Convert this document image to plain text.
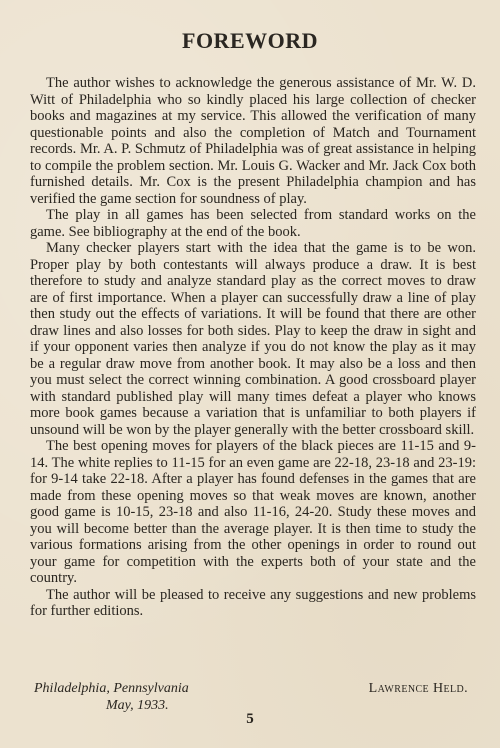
FOREWORD

The author wishes to acknowledge the generous assistance of Mr. W. D. Witt of Philadelphia who so kindly placed his large collection of checker books and magazines at my service. This allowed the verification of many questionable points and also the completion of Match and Tournament records. Mr. A. P. Schmutz of Philadelphia was of great assistance in helping to compile the problem section. Mr. Louis G. Wacker and Mr. Jack Cox both furnished details. Mr. Cox is the present Philadelphia champion and has verified the game section for soundness of play.

The play in all games has been selected from standard works on the game. See bibliography at the end of the book.

Many checker players start with the idea that the game is to be won. Proper play by both contestants will always produce a draw. It is best therefore to study and analyze standard play as the correct moves to draw are of first importance. When a player can successfully draw a line of play then study out the effects of variations. It will be found that there are other draw lines and also losses for both sides. Play to keep the draw in sight and if your opponent varies then analyze if you do not know the play as it may be a regular draw move from another book. It may also be a loss and then you must select the correct winning combination. A good crossboard player with standard published play will many times defeat a player who knows more book games because a variation that is unfamiliar to both players if unsound will be won by the player generally with the better crossboard skill.

The best opening moves for players of the black pieces are 11-15 and 9-14. The white replies to 11-15 for an even game are 22-18, 23-18 and 23-19: for 9-14 take 22-18. After a player has found defenses in the games that are made from these opening moves so that weak moves are known, another good game is 10-15, 23-18 and also 11-16, 24-20. Study these moves and you will become better than the average player. It is then time to study the various formations arising from the other openings in order to round out your game for competition with the experts both of your state and the country.

The author will be pleased to receive any suggestions and new problems for further editions.

Philadelphia, Pennsylvania
May, 1933.
Lawrence Held.
5
